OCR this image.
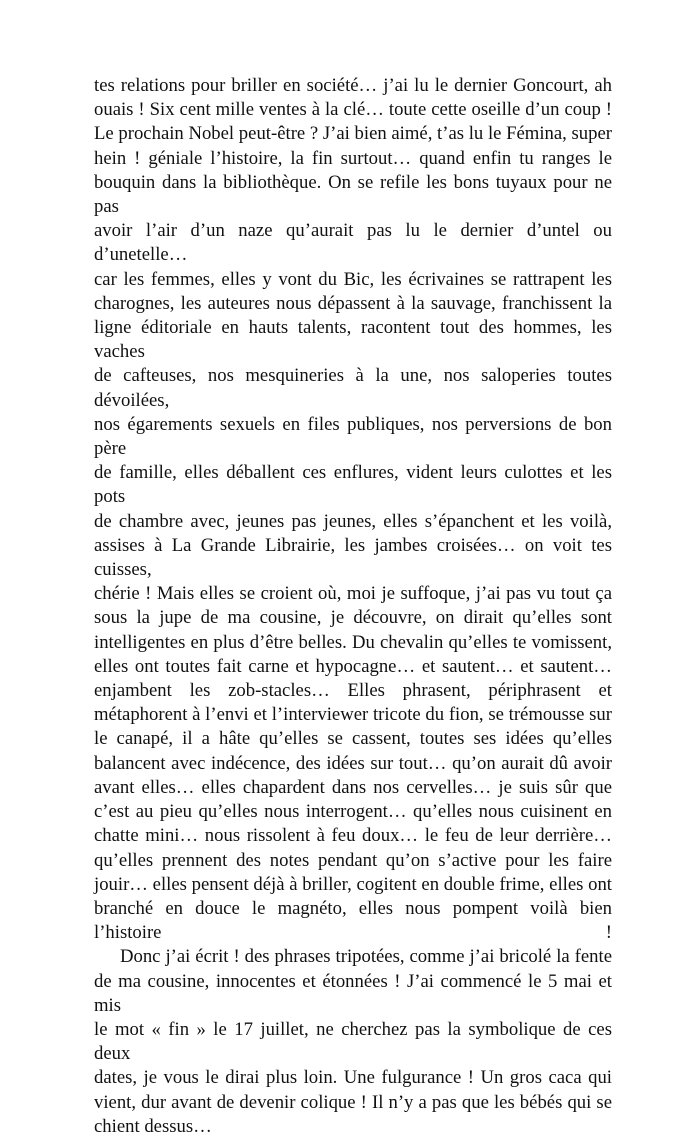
tes relations pour briller en société… j’ai lu le dernier Goncourt, ah
ouais ! Six cent mille ventes à la clé… toute cette oseille d’un coup !
Le prochain Nobel peut-être ? J’ai bien aimé, t’as lu le Fémina, super
hein ! géniale l’histoire, la fin surtout… quand enfin tu ranges le
bouquin dans la bibliothèque. On se refile les bons tuyaux pour ne pas
avoir l’air d’un naze qu’aurait pas lu le dernier d’untel ou d’unetelle…
car les femmes, elles y vont du Bic, les écrivaines se rattrapent les
charognes, les auteures nous dépassent à la sauvage, franchissent la
ligne éditoriale en hauts talents, racontent tout des hommes, les vaches
de cafteuses, nos mesquineries à la une, nos saloperies toutes dévoilées,
nos égarements sexuels en files publiques, nos perversions de bon père
de famille, elles déballent ces enflures, vident leurs culottes et les pots
de chambre avec, jeunes pas jeunes, elles s’épanchent et les voilà,
assises à La Grande Librairie, les jambes croisées… on voit tes cuisses,
chérie ! Mais elles se croient où, moi je suffoque, j’ai pas vu tout ça
sous la jupe de ma cousine, je découvre, on dirait qu’elles sont
intelligentes en plus d’être belles. Du chevalin qu’elles te vomissent,
elles ont toutes fait carne et hypocagne… et sautent… et sautent…
enjambent les zob-stacles… Elles phrasent, périphrasent et
métaphorent à l’envi et l’interviewer tricote du fion, se trémousse sur
le canapé, il a hâte qu’elles se cassent, toutes ses idées qu’elles
balancent avec indécence, des idées sur tout… qu’on aurait dû avoir
avant elles… elles chapardent dans nos cervelles… je suis sûr que
c’est au pieu qu’elles nous interrogent… qu’elles nous cuisinent en
chatte mini… nous rissolent à feu doux… le feu de leur derrière…
qu’elles prennent des notes pendant qu’on s’active pour les faire
jouir… elles pensent déjà à briller, cogitent en double frime, elles ont
branché en douce le magnéto, elles nous pompent voilà bien l’histoire !
Donc j’ai écrit ! des phrases tripotées, comme j’ai bricolé la fente
de ma cousine, innocentes et étonnées ! J’ai commencé le 5 mai et mis
le mot « fin » le 17 juillet, ne cherchez pas la symbolique de ces deux
dates, je vous le dirai plus loin. Une fulgurance ! Un gros caca qui
vient, dur avant de devenir colique ! Il n’y a pas que les bébés qui se
chient dessus…
